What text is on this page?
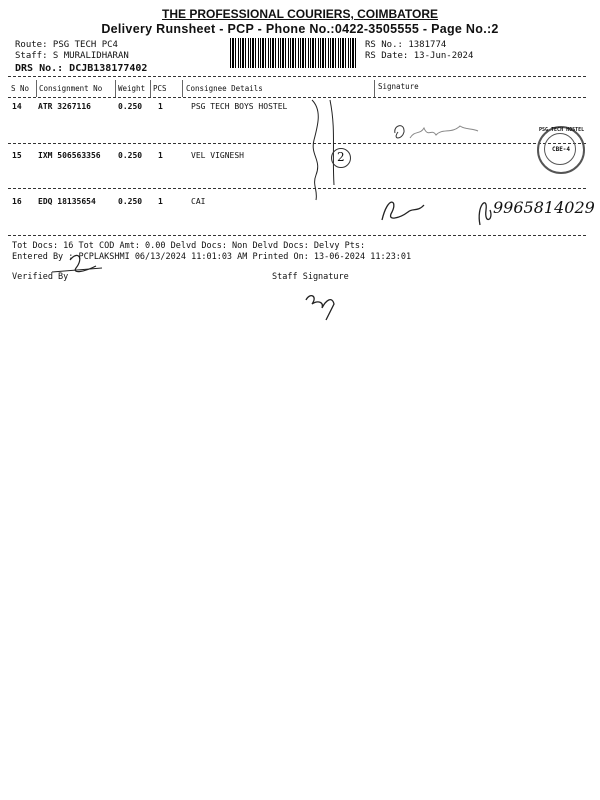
THE PROFESSIONAL COURIERS, COIMBATORE
Delivery Runsheet - PCP - Phone No.:0422-3505555 - Page No.:2
Route: PSG TECH PC4
Staff: S MURALIDHARAN
DRS No.: DCJB138177402
RS No.: 1381774
RS Date: 13-Jun-2024
S No Consignment No Weight PCS	Consignee Details	Signature
14 ATR 3267116	0.250 1	PSG TECH BOYS HOSTEL
15 IXM 506563356 0.250 1	VEL VIGNESH
16 EDQ 18135654	0.250 1	CAI
2
9965814029
PSG TECH HOSTEL
CBE-4
Tot Docs: 16 Tot COD Amt: 0.00 Delvd Docs: Non Delvd Docs: Delvy Pts:
Entered By : PCPLAKSHMI 06/13/2024 11:01:03 AM Printed On: 13-06-2024 11:23:01
Verified By	Staff Signature
